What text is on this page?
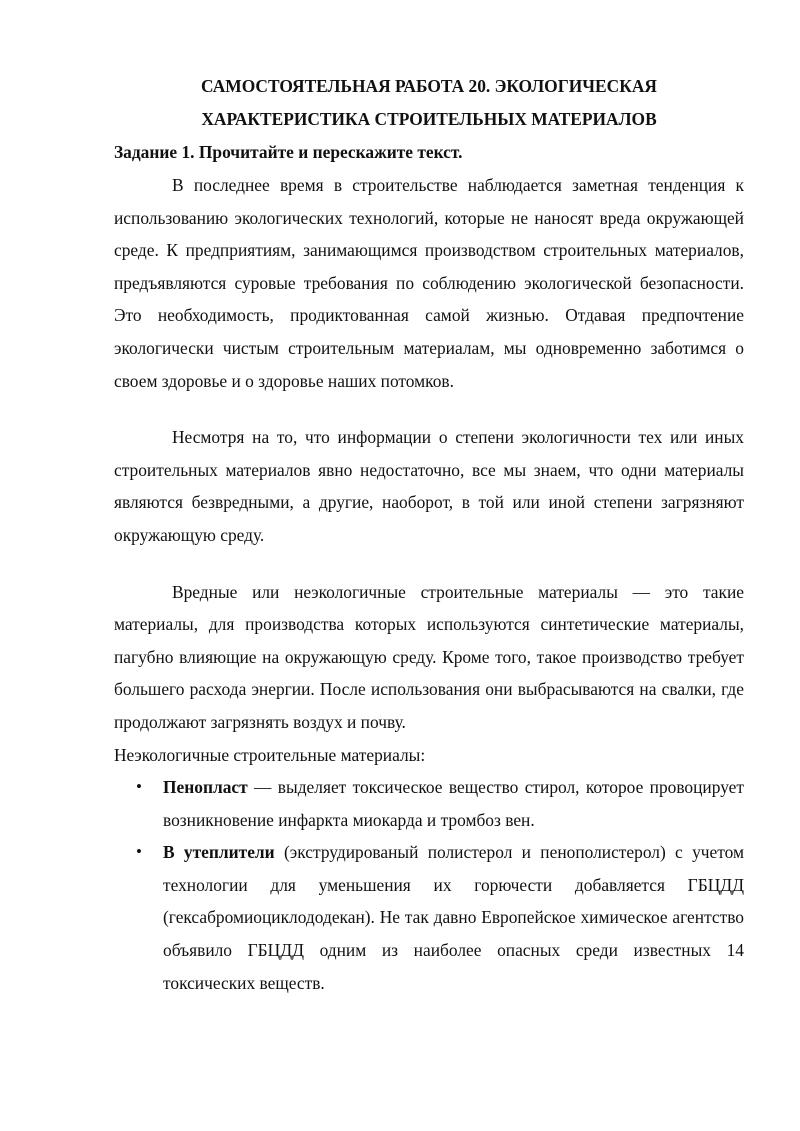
САМОСТОЯТЕЛЬНАЯ РАБОТА 20. ЭКОЛОГИЧЕСКАЯ

ХАРАКТЕРИСТИКА СТРОИТЕЛЬНЫХ МАТЕРИАЛОВ

Задание 1. Прочитайте и перескажите текст.

В последнее время в строительстве наблюдается заметная тенденция к использованию экологических технологий, которые не наносят вреда окружающей среде. К предприятиям, занимающимся производством строительных материалов, предъявляются суровые требования по соблюдению экологической безопасности. Это необходимость, продиктованная самой жизнью. Отдавая предпочтение экологически чистым строительным материалам, мы одновременно заботимся о своем здоровье и о здоровье наших потомков.

Несмотря на то, что информации о степени экологичности тех или иных строительных материалов явно недостаточно, все мы знаем, что одни материалы являются безвредными, а другие, наоборот, в той или иной степени загрязняют окружающую среду.

Вредные или неэкологичные строительные материалы — это такие материалы, для производства которых используются синтетические материалы, пагубно влияющие на окружающую среду. Кроме того, такое производство требует большего расхода энергии. После использования они выбрасываются на свалки, где продолжают загрязнять воздух и почву.

Неэкологичные строительные материалы:

• Пенопласт — выделяет токсическое вещество стирол, которое провоцирует возникновение инфаркта миокарда и тромбоз вен.
• В утеплители (экструдированый полистерол и пенополистерол) с учетом технологии для уменьшения их горючести добавляется ГБЦДД (гексабромиоциклододекан). Не так давно Европейское химическое агентство объявило ГБЦДД одним из наиболее опасных среди известных 14 токсических веществ.
